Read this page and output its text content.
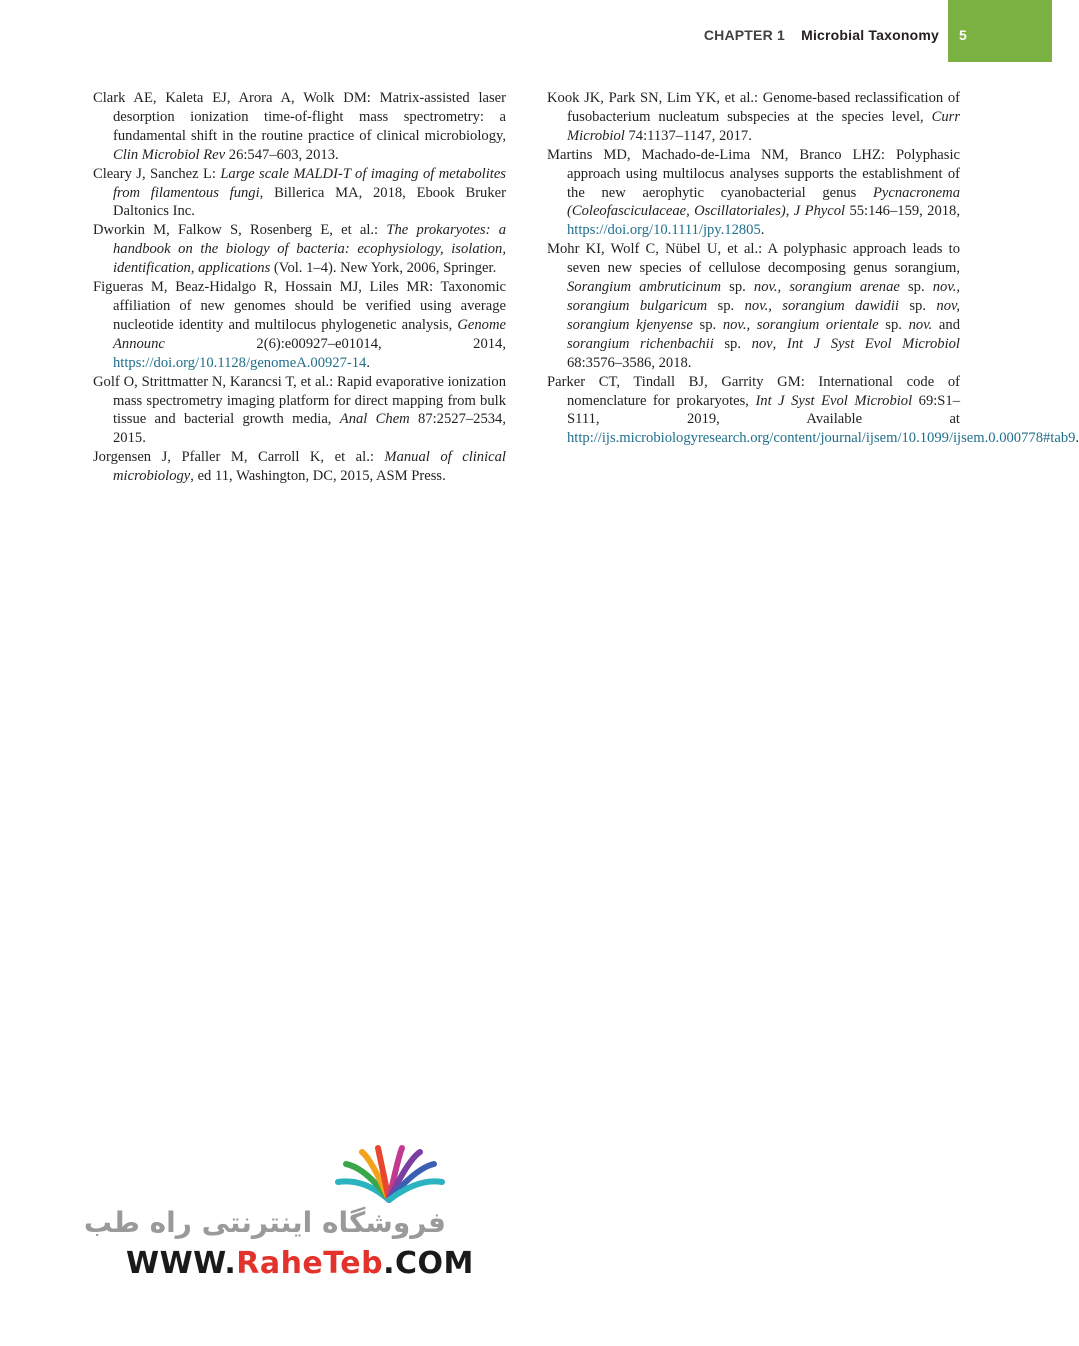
CHAPTER 1 Microbial Taxonomy 5

Clark AE, Kaleta EJ, Arora A, Wolk DM: Matrix-assisted laser desorption ionization time-of-flight mass spectrometry: a fundamental shift in the routine practice of clinical microbiology, Clin Microbiol Rev 26:547–603, 2013.

Cleary J, Sanchez L: Large scale MALDI-T of imaging of metabolites from filamentous fungi, Billerica MA, 2018, Ebook Bruker Daltonics Inc.

Dworkin M, Falkow S, Rosenberg E, et al.: The prokaryotes: a handbook on the biology of bacteria: ecophysiology, isolation, identification, applications (Vol. 1–4). New York, 2006, Springer.

Figueras M, Beaz-Hidalgo R, Hossain MJ, Liles MR: Taxonomic affiliation of new genomes should be verified using average nucleotide identity and multilocus phylogenetic analysis, Genome Announc 2(6):e00927–e01014, 2014, https://doi.org/10.1128/genomeA.00927-14.

Golf O, Strittmatter N, Karancsi T, et al.: Rapid evaporative ionization mass spectrometry imaging platform for direct mapping from bulk tissue and bacterial growth media, Anal Chem 87:2527–2534, 2015.

Jorgensen J, Pfaller M, Carroll K, et al.: Manual of clinical microbiology, ed 11, Washington, DC, 2015, ASM Press.

Kook JK, Park SN, Lim YK, et al.: Genome-based reclassification of fusobacterium nucleatum subspecies at the species level, Curr Microbiol 74:1137–1147, 2017.

Martins MD, Machado-de-Lima NM, Branco LHZ: Polyphasic approach using multilocus analyses supports the establishment of the new aerophytic cyanobacterial genus Pycnacronema (Coleofasciculaceae, Oscillatoriales), J Phycol 55:146–159, 2018, https://doi.org/10.1111/jpy.12805.

Mohr KI, Wolf C, Nübel U, et al.: A polyphasic approach leads to seven new species of cellulose decomposing genus sorangium, Sorangium ambruticinum sp. nov., sorangium arenae sp. nov., sorangium bulgaricum sp. nov., sorangium dawidii sp. nov, sorangium kjenyense sp. nov., sorangium orientale sp. nov. and sorangium richenbachii sp. nov, Int J Syst Evol Microbiol 68:3576–3586, 2018.

Parker CT, Tindall BJ, Garrity GM: International code of nomenclature for prokaryotes, Int J Syst Evol Microbiol 69:S1–S111, 2019, Available at http://ijs.microbiologyresearch.org/content/journal/ijsem/10.1099/ijsem.0.000778#tab9.

فروشگاه اینترنتی راه طب
WWW.RaheTeb.COM
